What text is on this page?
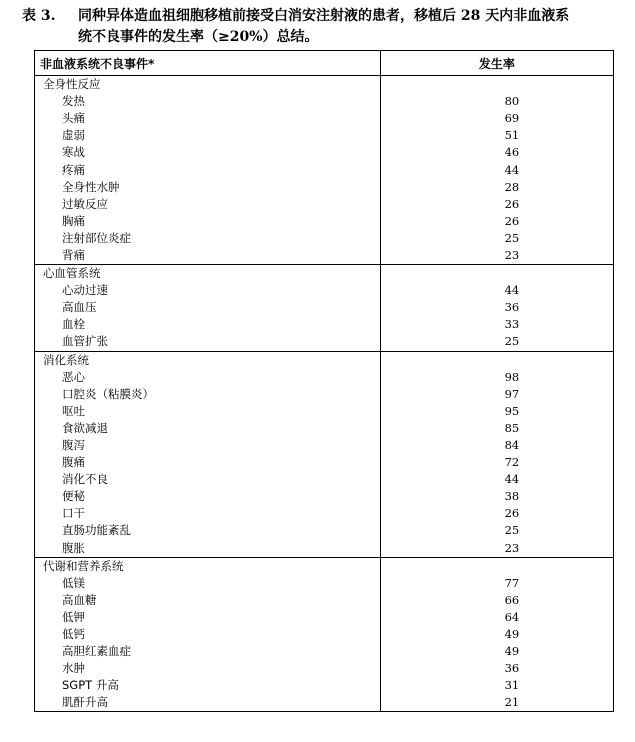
表 3. 同种异体造血祖细胞移植前接受白消安注射液的患者，移植后 28 天内非血液系
统不良事件的发生率（≥20%）总结。
非血液系统不良事件*	发生率
全身性反应	
发热	80
头痛	69
虚弱	51
寒战	46
疼痛	44
全身性水肿	28
过敏反应	26
胸痛	26
注射部位炎症	25
背痛	23
心血管系统	
心动过速	44
高血压	36
血栓	33
血管扩张	25
消化系统	
恶心	98
口腔炎（粘膜炎）	97
呕吐	95
食欲减退	85
腹泻	84
腹痛	72
消化不良	44
便秘	38
口干	26
直肠功能紊乱	25
腹胀	23
代谢和营养系统	
低镁	77
高血糖	66
低钾	64
低钙	49
高胆红素血症	49
水肿	36
SGPT 升高	31
肌酐升高	21
